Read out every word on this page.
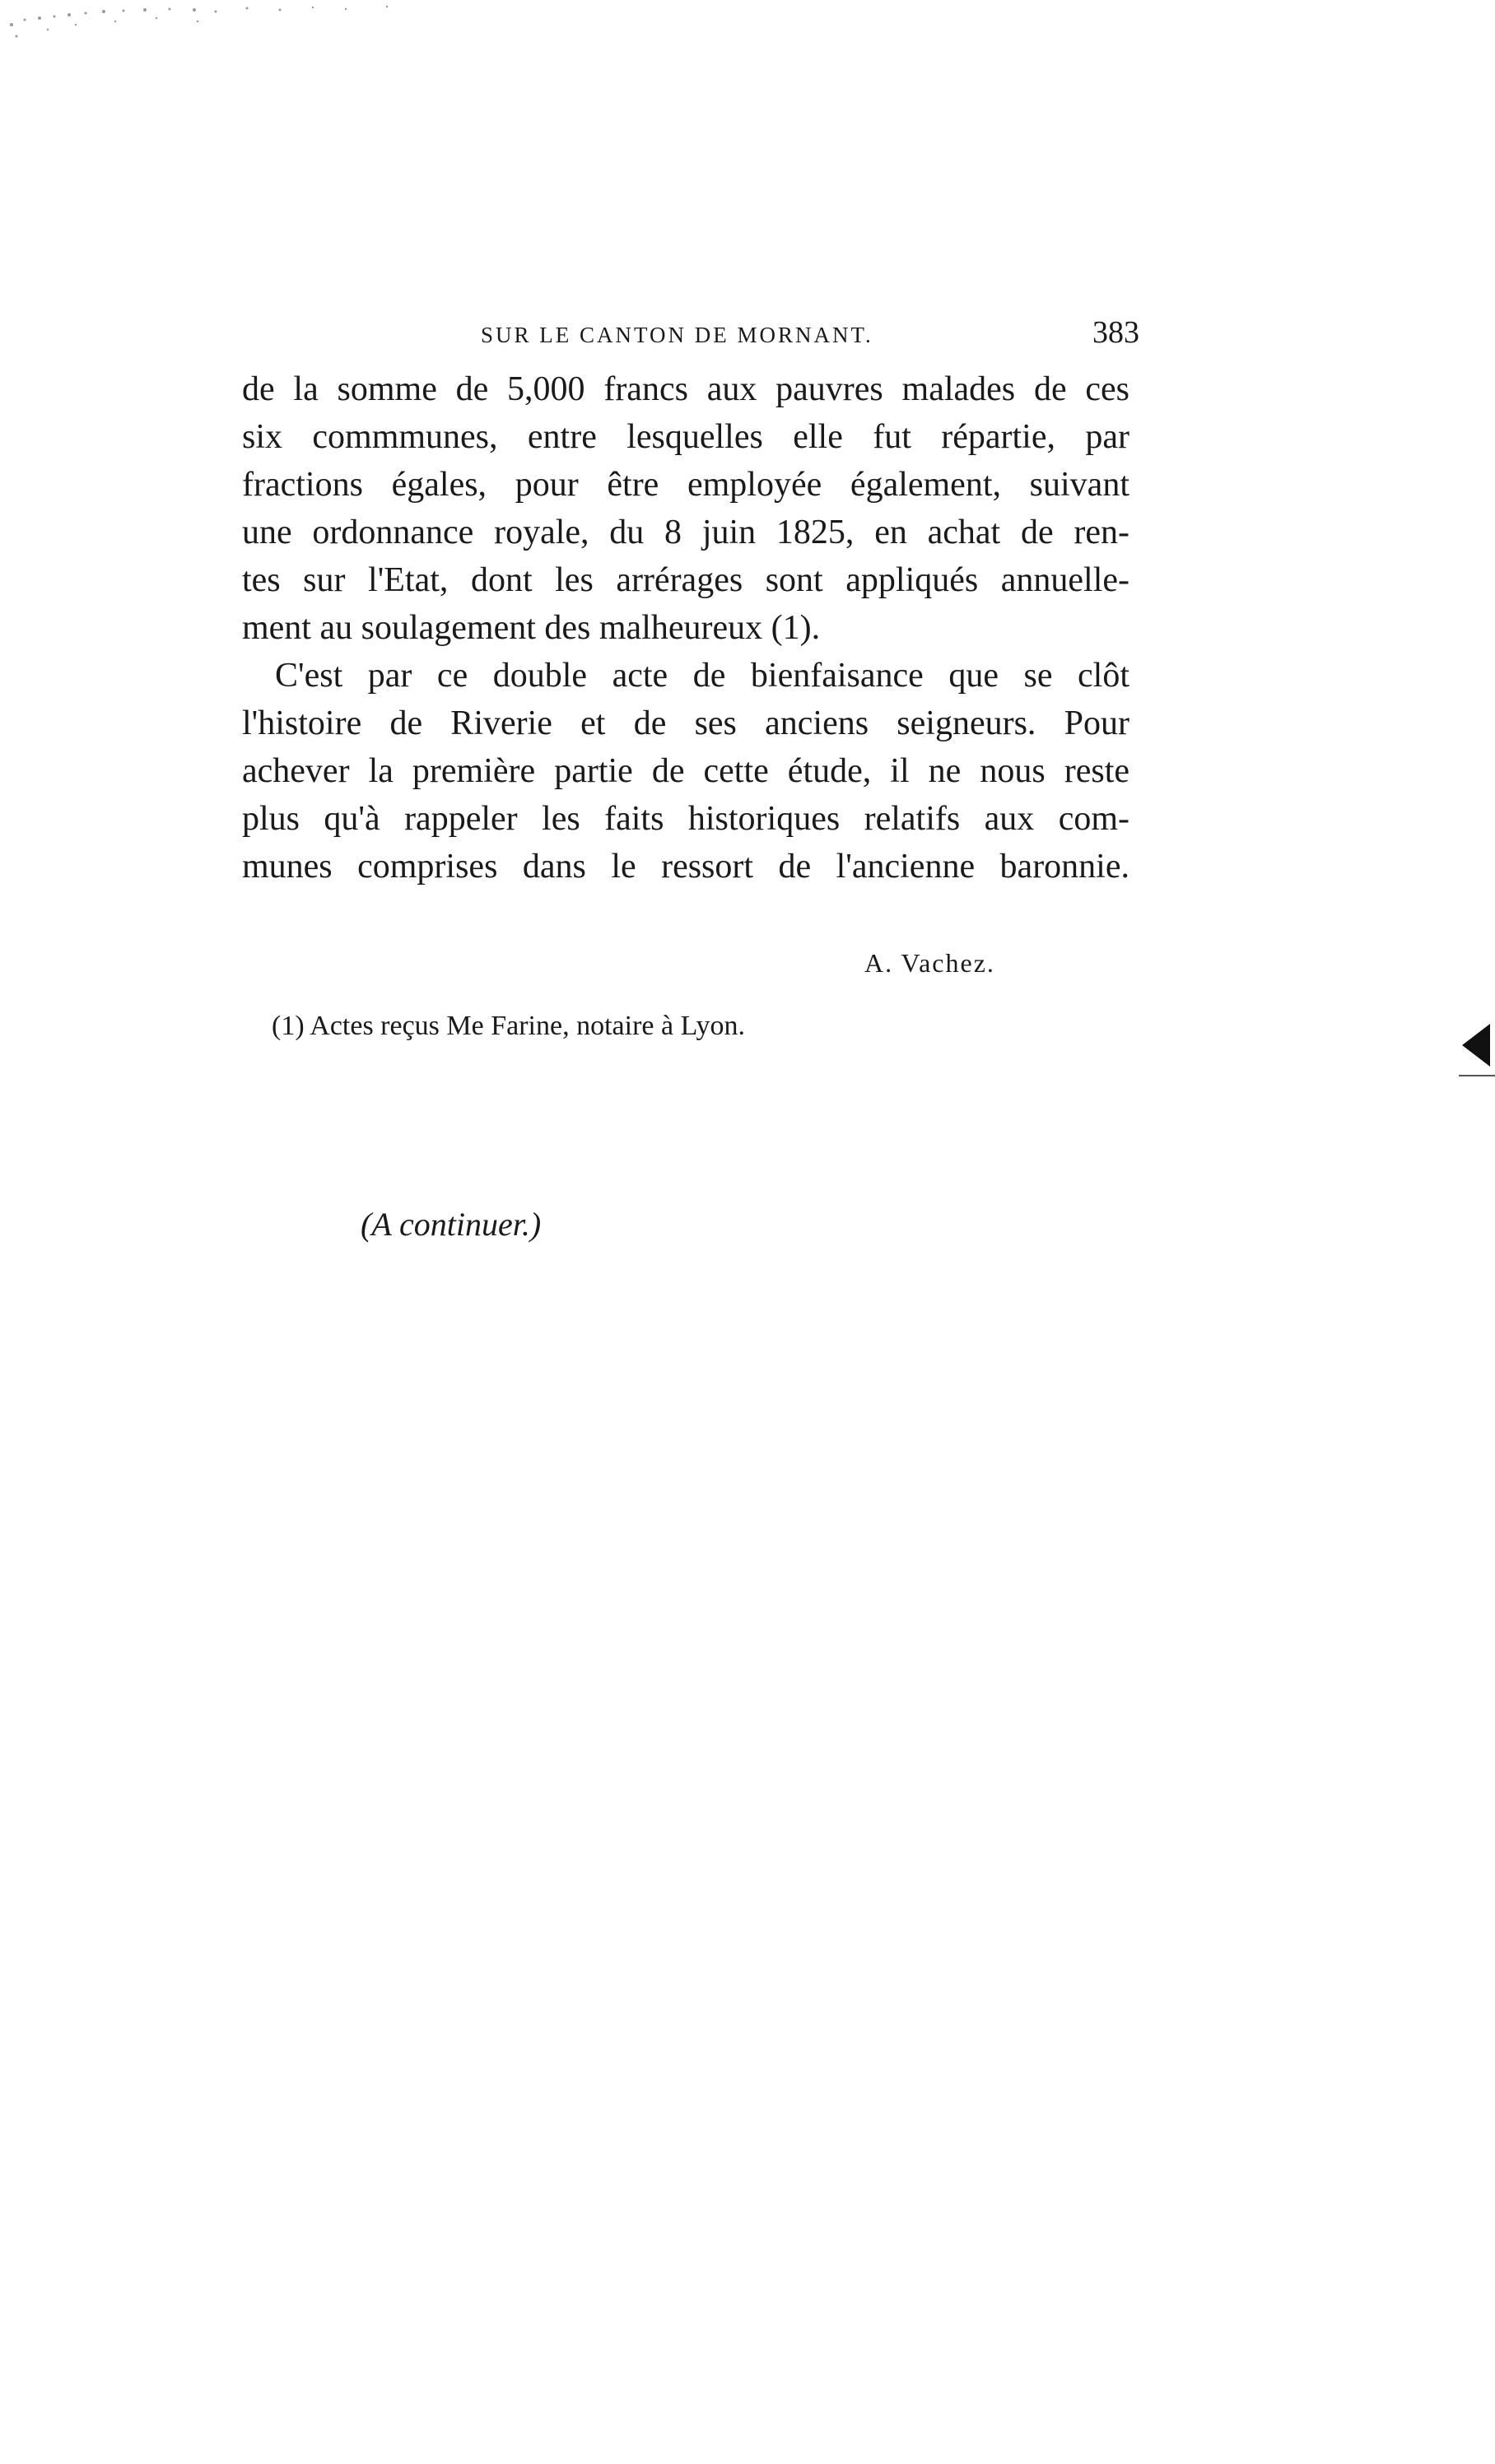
SUR LE CANTON DE MORNANT.	383

de la somme de 5,000 francs aux pauvres malades de ces
six commmunes, entre lesquelles elle fut répartie, par
fractions égales, pour être employée également, suivant
une ordonnance royale, du 8 juin 1825, en achat de ren-
tes sur l'Etat, dont les arrérages sont appliqués annuelle-
ment au soulagement des malheureux (1).

C'est par ce double acte de bienfaisance que se clôt
l'histoire de Riverie et de ses anciens seigneurs. Pour
achever la première partie de cette étude, il ne nous reste
plus qu'à rappeler les faits historiques relatifs aux com-
munes comprises dans le ressort de l'ancienne baronnie.

A. Vachez.
(1) Actes reçus Me Farine, notaire à Lyon.
(A continuer.)
